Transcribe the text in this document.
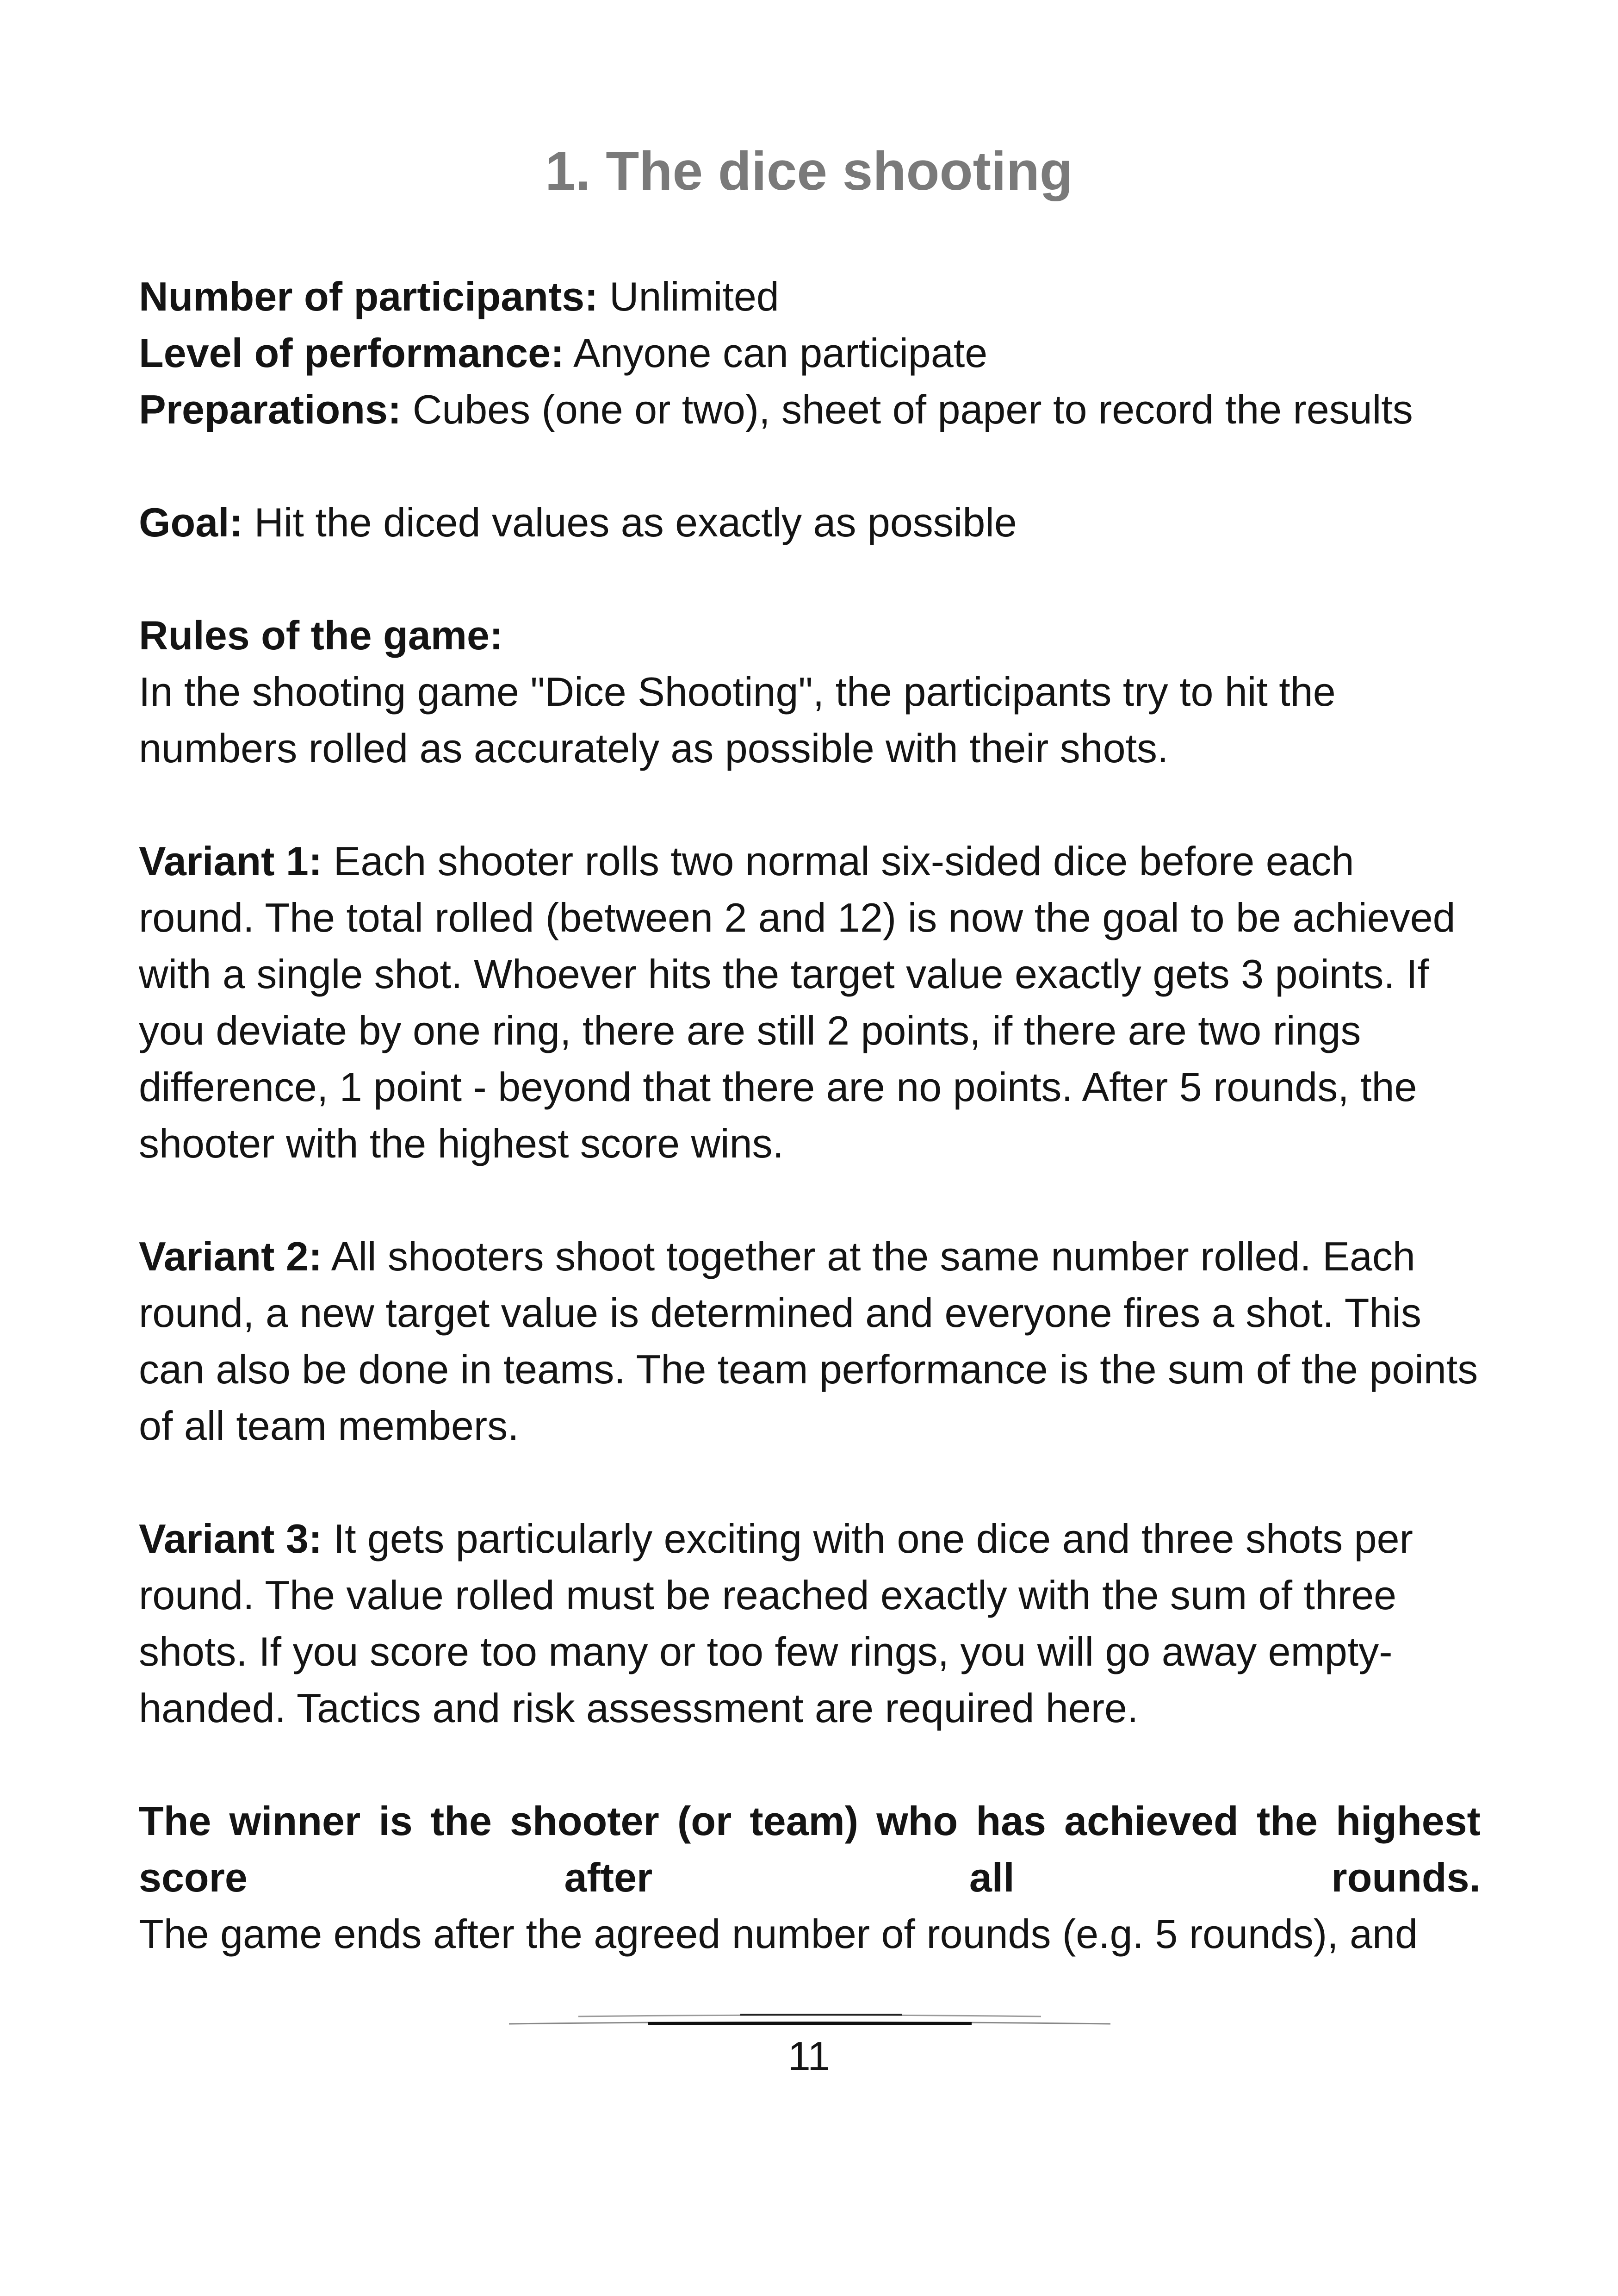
1. The dice shooting

Number of participants: Unlimited

Level of performance: Anyone can participate

Preparations: Cubes (one or two), sheet of paper to record the results

Goal: Hit the diced values as exactly as possible

Rules of the game:

In the shooting game "Dice Shooting", the participants try to hit the numbers rolled as accurately as possible with their shots.

Variant 1: Each shooter rolls two normal six-sided dice before each round. The total rolled (between 2 and 12) is now the goal to be achieved with a single shot. Whoever hits the target value exactly gets 3 points. If you deviate by one ring, there are still 2 points, if there are two rings difference, 1 point - beyond that there are no points. After 5 rounds, the shooter with the highest score wins.

Variant 2: All shooters shoot together at the same number rolled. Each round, a new target value is determined and everyone fires a shot. This can also be done in teams. The team performance is the sum of the points of all team members.

Variant 3: It gets particularly exciting with one dice and three shots per round. The value rolled must be reached exactly with the sum of three shots. If you score too many or too few rings, you will go away empty-handed. Tactics and risk assessment are required here.

The winner is the shooter (or team) who has achieved the highest score after all rounds.

The game ends after the agreed number of rounds (e.g. 5 rounds), and

11
